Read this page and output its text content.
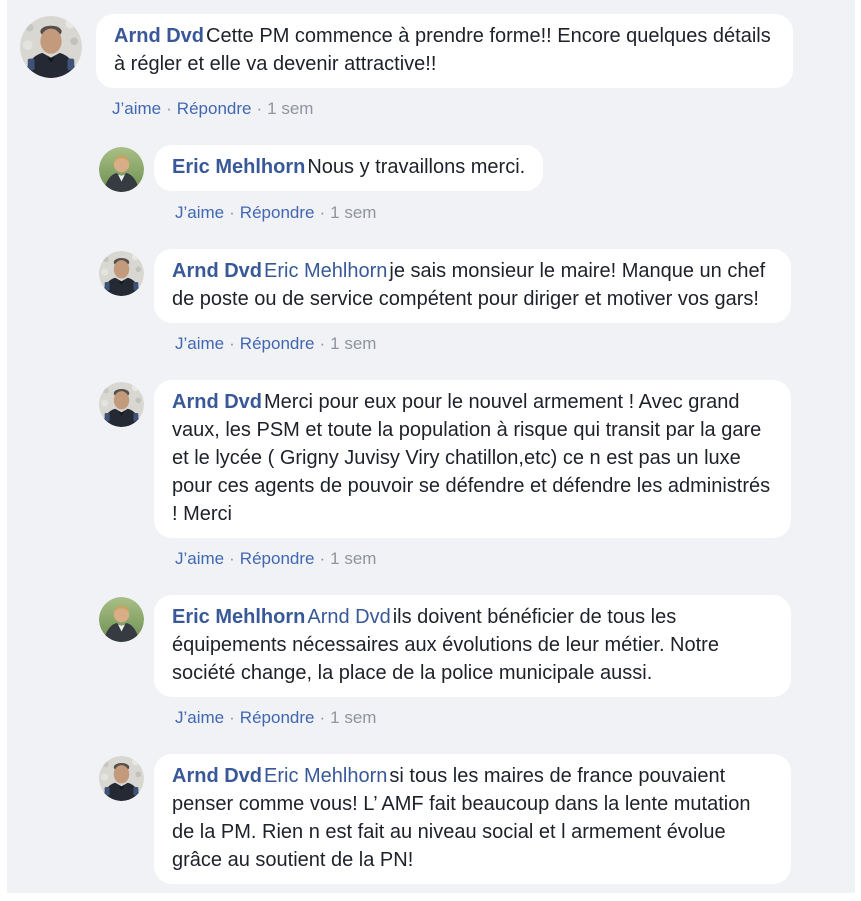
Arnd Dvd Cette PM commence à prendre forme!! Encore quelques détails à régler et elle va devenir attractive!!
J’aime · Répondre · 1 sem
Eric Mehlhorn Nous y travaillons merci.
J’aime · Répondre · 1 sem
Arnd Dvd Eric Mehlhorn je sais monsieur le maire! Manque un chef de poste ou de service compétent pour diriger et motiver vos gars!
J’aime · Répondre · 1 sem
Arnd Dvd Merci pour eux pour le nouvel armement ! Avec grand vaux, les PSM et toute la population à risque qui transit par la gare et le lycée ( Grigny Juvisy Viry chatillon,etc) ce n est pas un luxe pour ces agents de pouvoir se défendre et défendre les administrés ! Merci
J’aime · Répondre · 1 sem
Eric Mehlhorn Arnd Dvd ils doivent bénéficier de tous les équipements nécessaires aux évolutions de leur métier. Notre société change, la place de la police municipale aussi.
J’aime · Répondre · 1 sem
Arnd Dvd Eric Mehlhorn si tous les maires de france pouvaient penser comme vous! L’ AMF fait beaucoup dans la lente mutation de la PM. Rien n est fait au niveau social et l armement évolue grâce au soutient de la PN!
